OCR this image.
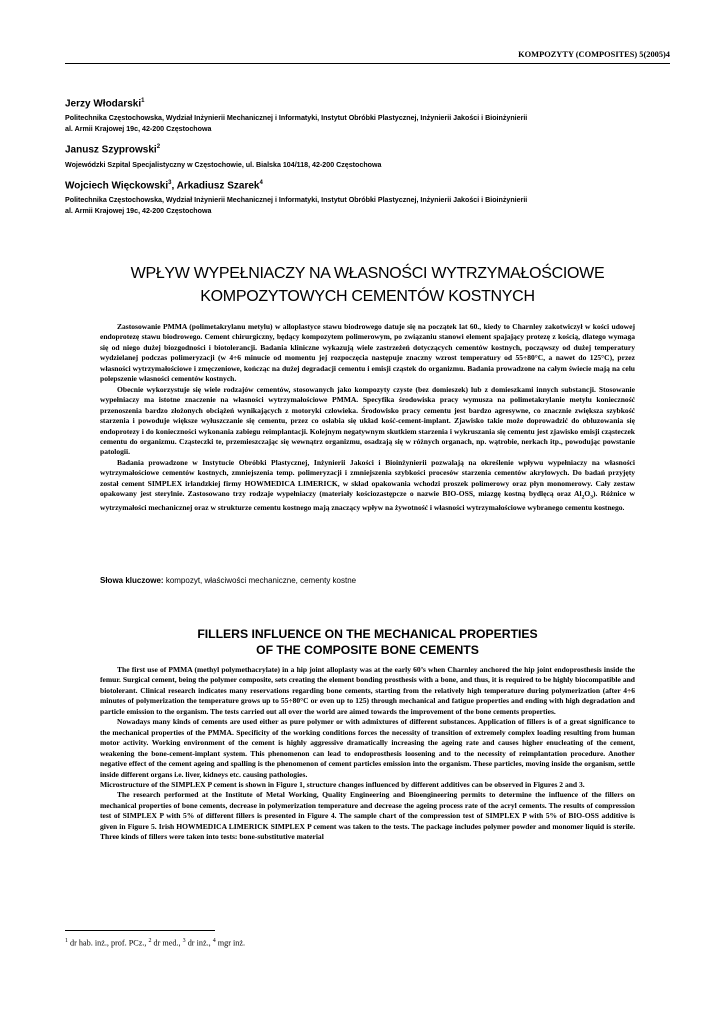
KOMPOZYTY (COMPOSITES) 5(2005)4
Jerzy Włodarski$^1$
Politechnika Częstochowska, Wydział Inżynierii Mechanicznej i Informatyki, Instytut Obróbki Plastycznej, Inżynierii Jakości i Bioinżynierii
al. Armii Krajowej 19c, 42-200 Częstochowa
Janusz Szyprowski$^2$
Wojewódzki Szpital Specjalistyczny w Częstochowie, ul. Bialska 104/118, 42-200 Częstochowa
Wojciech Więckowski$^3$, Arkadiusz Szarek$^4$
Politechnika Częstochowska, Wydział Inżynierii Mechanicznej i Informatyki, Instytut Obróbki Plastycznej, Inżynierii Jakości i Bioinżynierii
al. Armii Krajowej 19c, 42-200 Częstochowa
WPŁYW WYPEŁNIACZY NA WŁASNOŚCI WYTRZYMAŁOŚCIOWE
KOMPOZYTOWYCH CEMENTÓW KOSTNYCH

Zastosowanie PMMA (polimetakrylanu metylu) w alloplastyce stawu biodrowego datuje się na początek lat 60., kiedy to Charnley zakotwiczył w kości udowej endoprotezę stawu biodrowego. Cement chirurgiczny, będący kompozytem polimerowym, po związaniu stanowi element spajający protezę z kością, dlatego wymaga się od niego dużej biozgodności i biotolerancji. Badania kliniczne wykazują wiele zastrzeżeń dotyczących cementów kostnych, począwszy od dużej temperatury wydzielanej podczas polimeryzacji (w 4÷6 minucie od momentu jej rozpoczęcia następuje znaczny wzrost temperatury od 55÷80°C, a nawet do 125°C), przez własności wytrzymałościowe i zmęczeniowe, kończąc na dużej degradacji cementu i emisji cząstek do organizmu. Badania prowadzone na całym świecie mają na celu polepszenie własności cementów kostnych.

Obecnie wykorzystuje się wiele rodzajów cementów, stosowanych jako kompozyty czyste (bez domieszek) lub z domieszkami innych substancji. Stosowanie wypełniaczy ma istotne znaczenie na własności wytrzymałościowe PMMA. Specyfika środowiska pracy wymusza na polimetakrylanie metylu konieczność przenoszenia bardzo złożonych obciążeń wynikających z motoryki człowieka. Środowisko pracy cementu jest bardzo agresywne, co znacznie zwiększa szybkość starzenia i powoduje większe wyłuszczanie się cementu, przez co osłabia się układ kość-cement-implant. Zjawisko takie może doprowadzić do obluzowania się endoprotezy i do konieczności wykonania zabiegu reimplantacji. Kolejnym negatywnym skutkiem starzenia i wykruszania się cementu jest zjawisko emisji cząsteczek cementu do organizmu. Cząsteczki te, przemieszczając się wewnątrz organizmu, osadzają się w różnych organach, np. wątrobie, nerkach itp., powodując powstanie patologii.

Badania prowadzone w Instytucie Obróbki Plastycznej, Inżynierii Jakości i Bioinżynierii pozwalają na określenie wpływu wypełniaczy na własności wytrzymałościowe cementów kostnych, zmniejszenia temp. polimeryzacji i zmniejszenia szybkości procesów starzenia cementów akrylowych. Do badań przyjęty został cement SIMPLEX irlandzkiej firmy HOWMEDICA LIMERICK, w skład opakowania wchodzi proszek polimerowy oraz płyn monomerowy. Cały zestaw opakowany jest sterylnie. Zastosowano trzy rodzaje wypełniaczy (materiały kościozastępcze o nazwie BIO-OSS, miazgę kostną bydlęcą oraz $Al_2O_3$). Różnice w wytrzymałości mechanicznej oraz w strukturze cementu kostnego mają znaczący wpływ na żywotność i własności wytrzymałościowe wybranego cementu kostnego.

Słowa kluczowe: kompozyt, właściwości mechaniczne, cementy kostne
FILLERS INFLUENCE ON THE MECHANICAL PROPERTIES
OF THE COMPOSITE BONE CEMENTS

The first use of PMMA (methyl polymethacrylate) in a hip joint alloplasty was at the early 60’s when Charnley anchored the hip joint endoprosthesis inside the femur. Surgical cement, being the polymer composite, sets creating the element bonding prosthesis with a bone, and thus, it is required to be highly biocompatible and biotolerant. Clinical research indicates many reservations regarding bone cements, starting from the relatively high temperature during polymerization (after 4÷6 minutes of polymerization the temperature grows up to 55÷80°C or even up to 125) through mechanical and fatigue properties and ending with high degradation and particle emission to the organism. The tests carried out all over the world are aimed towards the improvement of the bone cements properties.

Nowadays many kinds of cements are used either as pure polymer or with admixtures of different substances. Application of fillers is of a great significance to the mechanical properties of the PMMA. Specificity of the working conditions forces the necessity of transition of extremely complex loading resulting from human motor activity. Working environment of the cement is highly aggressive dramatically increasing the ageing rate and causes higher enucleating of the cement, weakening the bone-cement-implant system. This phenomenon can lead to endoprosthesis loosening and to the necessity of reimplantation procedure. Another negative effect of the cement ageing and spalling is the phenomenon of cement particles emission into the organism. These particles, moving inside the organism, settle inside different organs i.e. liver, kidneys etc. causing pathologies.

Microstructure of the SIMPLEX P cement is shown in Figure 1, structure changes influenced by different additives can be observed in Figures 2 and 3.

The research performed at the Institute of Metal Working, Quality Engineering and Bioengineering permits to determine the influence of the fillers on mechanical properties of bone cements, decrease in polymerization temperature and decrease the ageing process rate of the acryl cements. The results of compression test of SIMPLEX P with 5% of different fillers is presented in Figure 4. The sample chart of the compression test of SIMPLEX P with 5% of BIO-OSS additive is given in Figure 5. Irish HOWMEDICA LIMERICK SIMPLEX P cement was taken to the tests. The package includes polymer powder and monomer liquid is sterile. Three kinds of fillers were taken into tests: bone-substitutive material

$^1$ dr hab. inż., prof. PCz., $^2$ dr med., $^3$ dr inż., $^4$ mgr inż.
